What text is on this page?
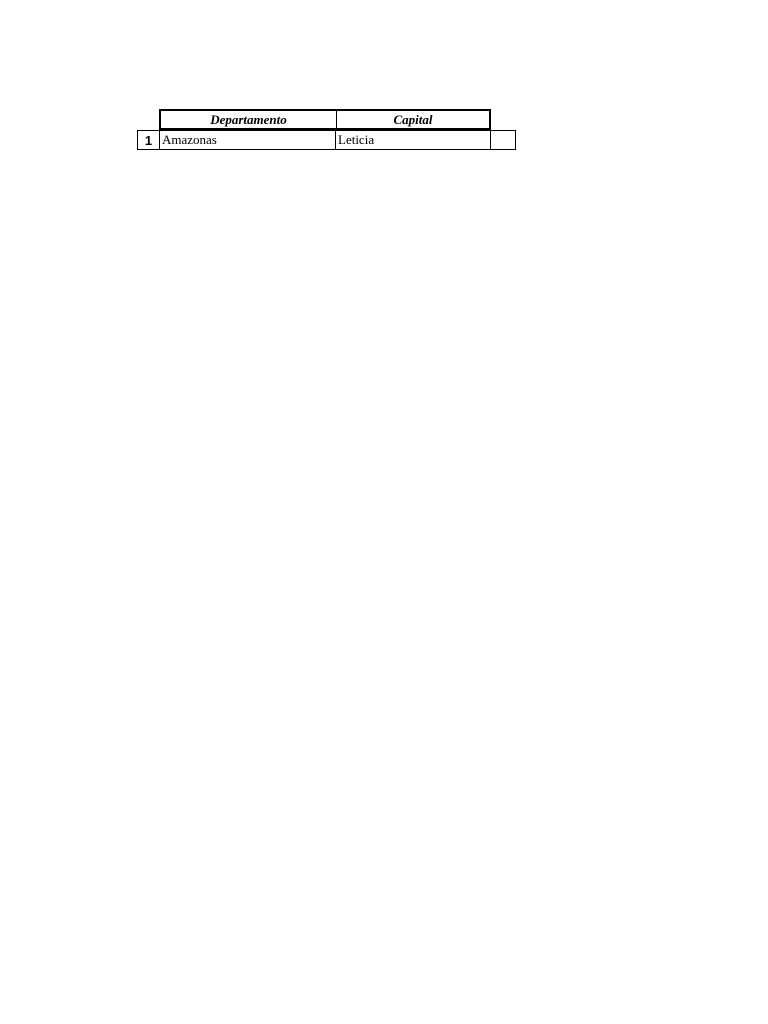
Departamento	Capital
1 Amazonas	Leticia
